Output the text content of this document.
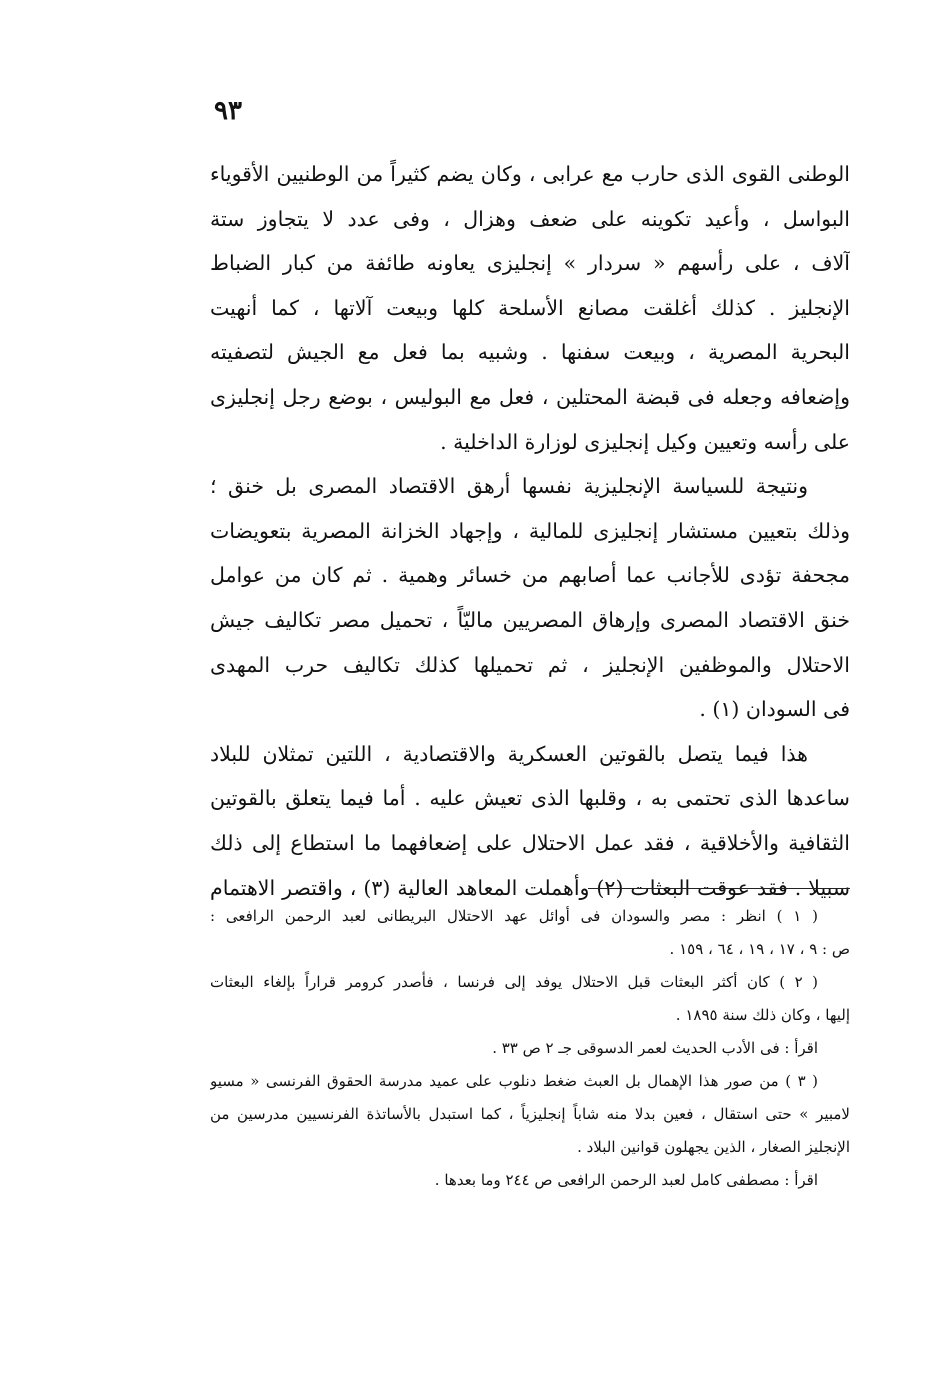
٩٣
الوطنى القوى الذى حارب مع عرابى ، وكان يضم كثيراً من الوطنيين الأقوياء
البواسل ، وأعيد تكوينه على ضعف وهزال ، وفى عدد لا يتجاوز ستة
آلاف ، على رأسهم « سردار » إنجليزى يعاونه طائفة من كبار الضباط
الإنجليز . كذلك أغلقت مصانع الأسلحة كلها وبيعت آلاتها ، كما أنهيت
البحرية المصرية ، وبيعت سفنها . وشبيه بما فعل مع الجيش لتصفيته
وإضعافه وجعله فى قبضة المحتلين ، فعل مع البوليس ، بوضع رجل إنجليزى
على رأسه وتعيين وكيل إنجليزى لوزارة الداخلية .
ونتيجة للسياسة الإنجليزية نفسها أرهق الاقتصاد المصرى بل خنق ؛
وذلك بتعيين مستشار إنجليزى للمالية ، وإجهاد الخزانة المصرية بتعويضات
مجحفة تؤدى للأجانب عما أصابهم من خسائر وهمية . ثم كان من عوامل
خنق الاقتصاد المصرى وإرهاق المصريين ماليّاً ، تحميل مصر تكاليف جيش
الاحتلال والموظفين الإنجليز ، ثم تحميلها كذلك تكاليف حرب المهدى
فى السودان (١) .
هذا فيما يتصل بالقوتين العسكرية والاقتصادية ، اللتين تمثلان للبلاد
ساعدها الذى تحتمى به ، وقلبها الذى تعيش عليه . أما فيما يتعلق بالقوتين
الثقافية والأخلاقية ، فقد عمل الاحتلال على إضعافهما ما استطاع إلى ذلك
سبيلا . فقد عوقت البعثات (٢) وأهملت المعاهد العالية (٣) ، واقتصر الاهتمام
( ١ ) انظر : مصر والسودان فى أوائل عهد الاحتلال البريطانى لعبد الرحمن الرافعى :
ص : ٩ ، ١٧ ، ١٩ ، ٦٤ ، ١٥٩ .
( ٢ ) كان أكثر البعثات قبل الاحتلال يوفد إلى فرنسا ، فأصدر كرومر قراراً بإلغاء البعثات
إليها ، وكان ذلك سنة ١٨٩٥ .
اقرأ : فى الأدب الحديث لعمر الدسوقى جـ ٢ ص ٣٣ .
( ٣ ) من صور هذا الإهمال بل العبث ضغط دنلوب على عميد مدرسة الحقوق الفرنسى « مسيو
لامبير » حتى استقال ، فعين بدلا منه شاباً إنجليزياً ، كما استبدل بالأساتذة الفرنسيين مدرسين من
الإنجليز الصغار ، الذين يجهلون قوانين البلاد .
اقرأ : مصطفى كامل لعبد الرحمن الرافعى ص ٢٤٤ وما بعدها .
